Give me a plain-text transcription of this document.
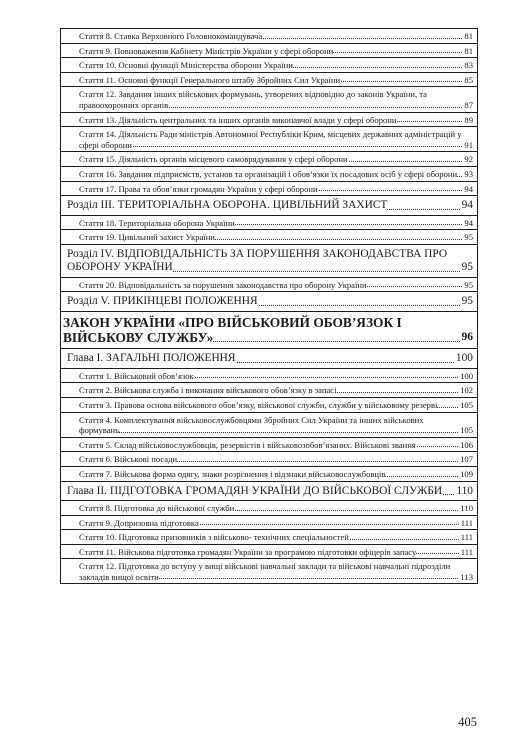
Стаття 8. Ставка Верховного Головнокомандувача	81
Стаття 9. Повноваження Кабінету Міністрів України у сфері оборони	81
Стаття 10. Основні функції Міністерства оборони України	83
Стаття 11. Основні функції Генерального штабу Збройних Сил України	85
Стаття 12. Завдання інших військових формувань, утворених відповідно до законів України, та правоохоронних органів	87
Стаття 13. Діяльність центральних та інших органів виконавчої влади у сфері оборони	89
Стаття 14. Діяльність Ради міністрів Автономної Республіки Крим, місцевих державних адміністрацій у сфері оборони	91
Стаття 15. Діяльність органів місцевого самоврядування у сфері оборони	92
Стаття 16. Завдання підприємств, установ та організацій і обов’язки їх посадових осіб у сфері оборони 93
Стаття 17. Права та обов’язки громадян України у сфері оборони	94
Розділ III. ТЕРИТОРІАЛЬНА ОБОРОНА. ЦИВІЛЬНИЙ ЗАХИСТ	94
Стаття 18. Територіальна оборона України	94
Стаття 19. Цивільний захист України	95
Розділ IV. ВІДПОВІДАЛЬНІСТЬ ЗА ПОРУШЕННЯ ЗАКОНОДАВСТВА ПРО ОБОРОНУ УКРАЇНИ	95
Стаття 20. Відповідальність за порушення законодавства про оборону України	95
Розділ V. ПРИКІНЦЕВІ ПОЛОЖЕННЯ	95
ЗАКОН УКРАЇНИ «ПРО ВІЙСЬКОВИЙ ОБОВ’ЯЗОК І ВІЙСЬКОВУ СЛУЖБУ»	96
Глава I. ЗАГАЛЬНІ ПОЛОЖЕННЯ	100
Стаття 1. Військовий обов’язок	100
Стаття 2. Військова служба і виконання військового обов’язку в запасі	102
Стаття 3. Правова основа військового обов’язку, військової служби, служби у військовому резерві	105
Стаття 4. Комплектування військовослужбовцями Збройних Сил України та інших військових формувань	105
Стаття 5. Склад військовослужбовців, резервістів і військовозобов’язаних. Військові звання	106
Стаття 6. Військові посади	107
Стаття 7. Військова форма одягу, знаки розрізнення і відзнаки військовослужбовців	109
Глава II. ПІДГОТОВКА ГРОМАДЯН УКРАЇНИ ДО ВІЙСЬКОВОЇ СЛУЖБИ	110
Стаття 8. Підготовка до військової служби	110
Стаття 9. Допризовна підготовка	111
Стаття 10. Підготовка призовників з військово- технічних спеціальностей	111
Стаття 11. Військова підготовка громадян України за програмою підготовки офіцерів запасу	111
Стаття 12. Підготовка до вступу у вищі військові навчальні заклади та військові навчальні підрозділи закладів вищої освіти	113
405
